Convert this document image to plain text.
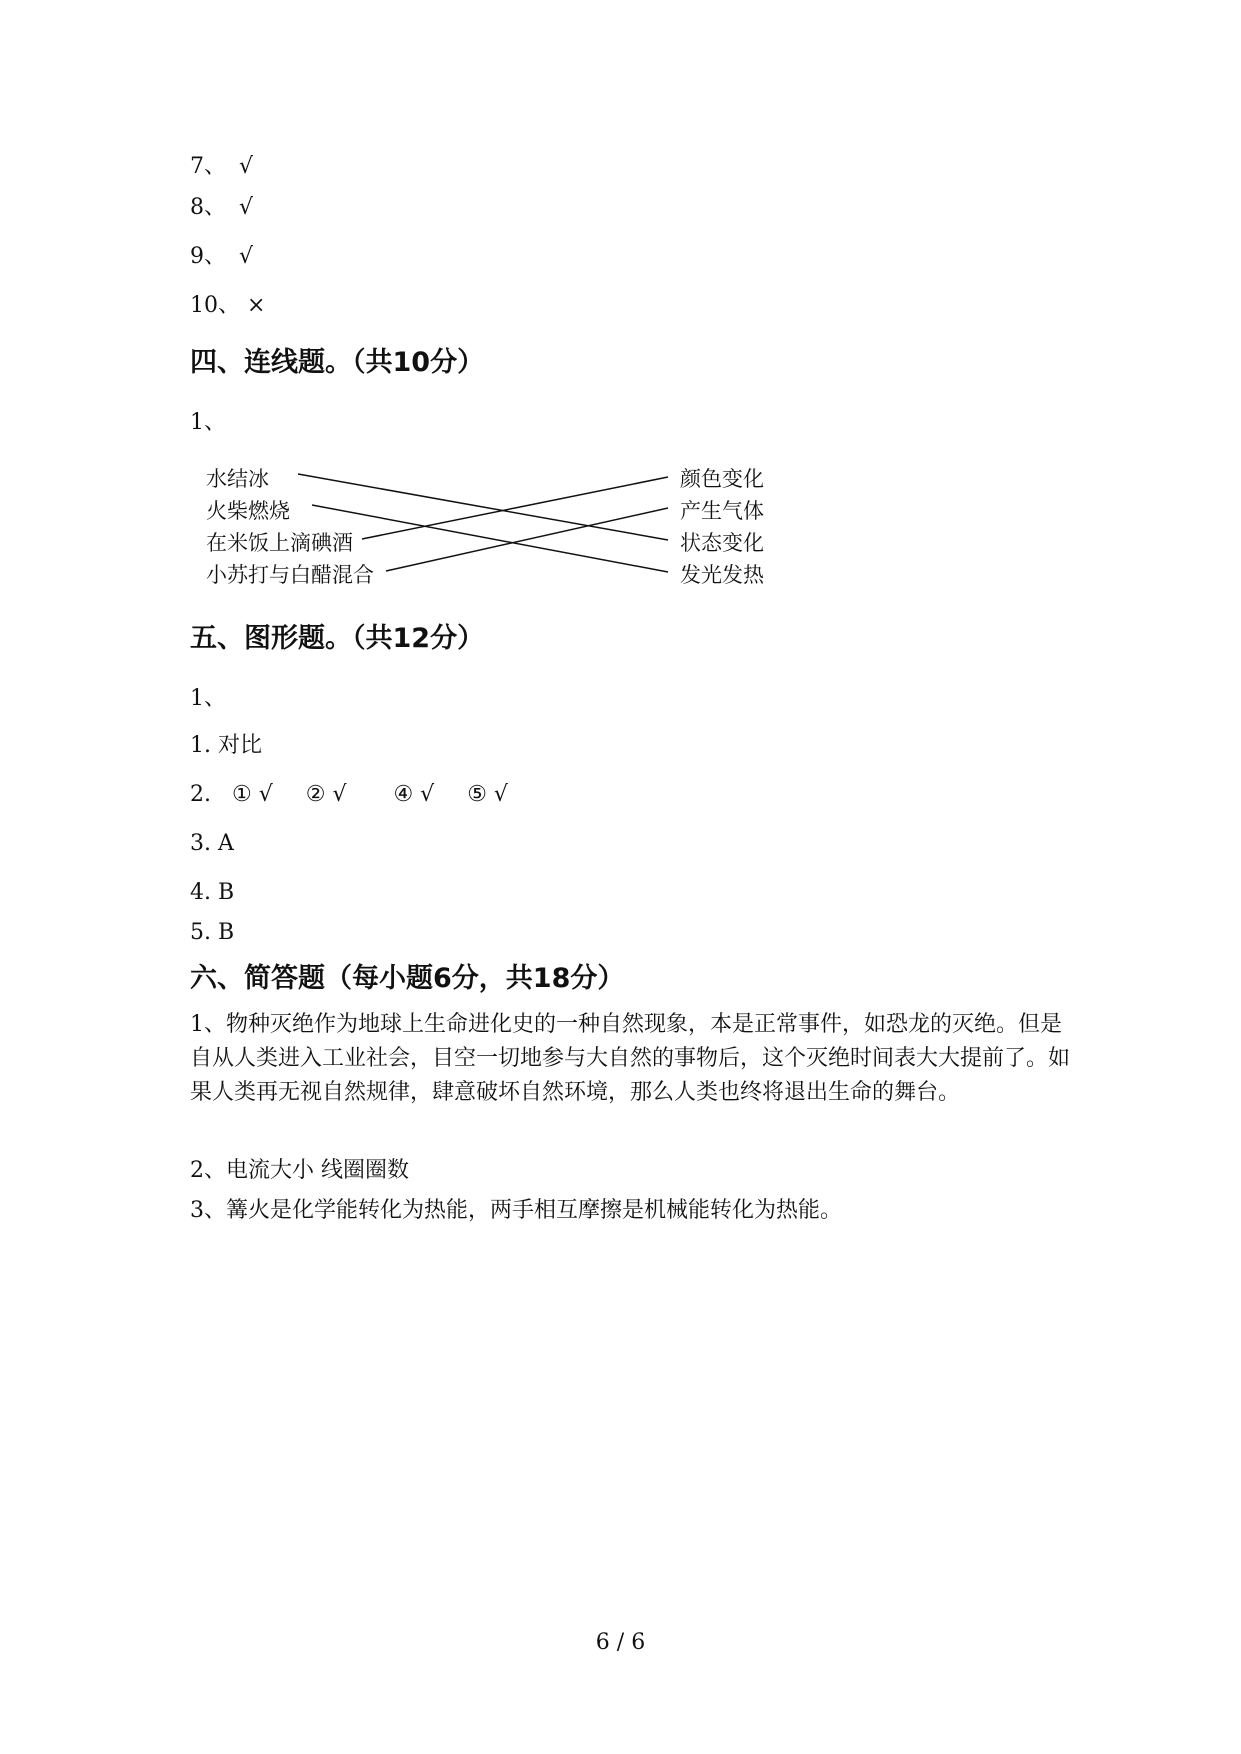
7、 √
8、 √
9、 √
10、 ×
四、连线题。（共10分）
1、
水结冰
火柴燃烧
在米饭上滴碘酒
小苏打与白醋混合
颜色变化
产生气体
状态变化
发光发热
五、图形题。（共12分）
1、
1. 对比
2. ① √ ② √ ④ √ ⑤ √
3. A
4. B
5. B
六、简答题（每小题6分，共18分）
1、物种灭绝作为地球上生命进化史的一种自然现象，本是正常事件，如恐龙的灭绝。但是自从人类进入工业社会，目空一切地参与大自然的事物后，这个灭绝时间表大大提前了。如果人类再无视自然规律，肆意破坏自然环境，那么人类也终将退出生命的舞台。
2、电流大小 线圈圈数
3、篝火是化学能转化为热能，两手相互摩擦是机械能转化为热能。
6 / 6
